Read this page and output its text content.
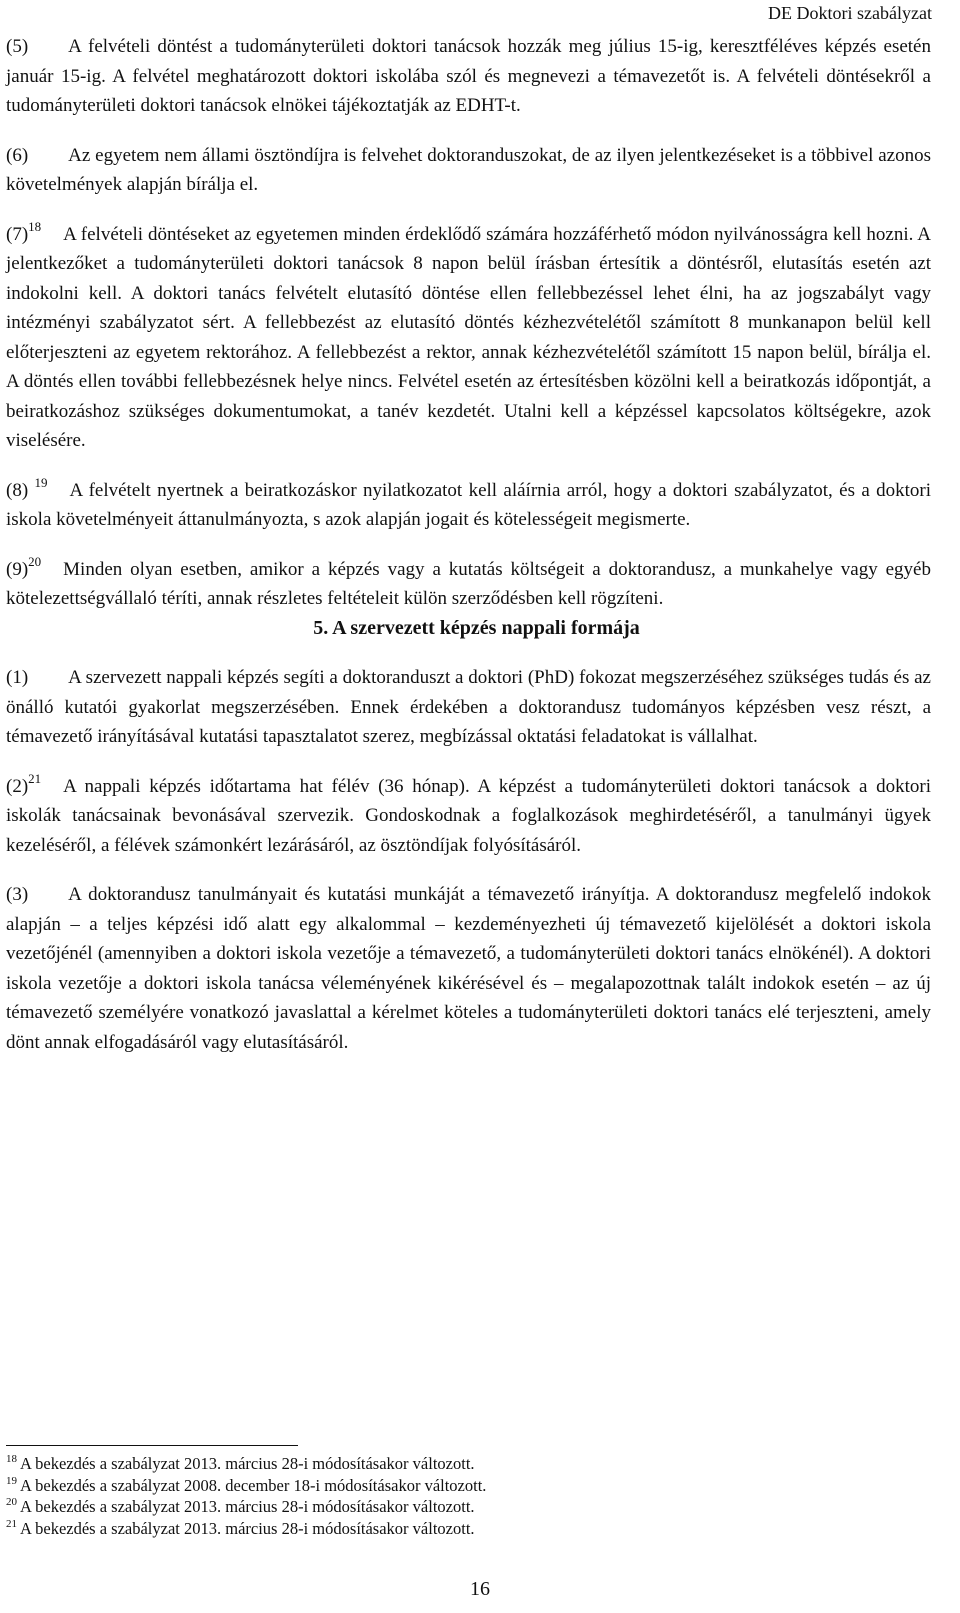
DE Doktori szabályzat

(5) A felvételi döntést a tudományterületi doktori tanácsok hozzák meg július 15-ig, keresztféléves képzés esetén január 15-ig. A felvétel meghatározott doktori iskolába szól és megnevezi a témavezetőt is. A felvételi döntésekről a tudományterületi doktori tanácsok elnökei tájékoztatják az EDHT-t.

(6) Az egyetem nem állami ösztöndíjra is felvehet doktoranduszokat, de az ilyen jelentkezéseket is a többivel azonos követelmények alapján bírálja el.

$(7)^{18}$ A felvételi döntéseket az egyetemen minden érdeklődő számára hozzáférhető módon nyilvánosságra kell hozni. A jelentkezőket a tudományterületi doktori tanácsok 8 napon belül írásban értesítik a döntésről, elutasítás esetén azt indokolni kell. A doktori tanács felvételt elutasító döntése ellen fellebbezéssel lehet élni, ha az jogszabályt vagy intézményi szabályzatot sért. A fellebbezést az elutasító döntés kézhezvételétől számított 8 munkanapon belül kell előterjeszteni az egyetem rektorához. A fellebbezést a rektor, annak kézhezvételétől számított 15 napon belül, bírálja el. A döntés ellen további fellebbezésnek helye nincs. Felvétel esetén az értesítésben közölni kell a beiratkozás időpontját, a beiratkozáshoz szükséges dokumentumokat, a tanév kezdetét. Utalni kell a képzéssel kapcsolatos költségekre, azok viselésére.

(8) $^{19}$ A felvételt nyertnek a beiratkozáskor nyilatkozatot kell aláírnia arról, hogy a doktori szabályzatot, és a doktori iskola követelményeit áttanulmányozta, s azok alapján jogait és kötelességeit megismerte.

$(9)^{20}$ Minden olyan esetben, amikor a képzés vagy a kutatás költségeit a doktorandusz, a munkahelye vagy egyéb kötelezettségvállaló téríti, annak részletes feltételeit külön szerződésben kell rögzíteni.

5. A szervezett képzés nappali formája

(1) A szervezett nappali képzés segíti a doktoranduszt a doktori (PhD) fokozat megszerzéséhez szükséges tudás és az önálló kutatói gyakorlat megszerzésében. Ennek érdekében a doktorandusz tudományos képzésben vesz részt, a témavezető irányításával kutatási tapasztalatot szerez, megbízással oktatási feladatokat is vállalhat.

$(2)^{21}$ A nappali képzés időtartama hat félév (36 hónap). A képzést a tudományterületi doktori tanácsok a doktori iskolák tanácsainak bevonásával szervezik. Gondoskodnak a foglalkozások meghirdetéséről, a tanulmányi ügyek kezeléséről, a félévek számonkért lezárásáról, az ösztöndíjak folyósításáról.

(3) A doktorandusz tanulmányait és kutatási munkáját a témavezető irányítja. A doktorandusz megfelelő indokok alapján – a teljes képzési idő alatt egy alkalommal – kezdeményezheti új témavezető kijelölését a doktori iskola vezetőjénél (amennyiben a doktori iskola vezetője a témavezető, a tudományterületi doktori tanács elnökénél). A doktori iskola vezetője a doktori iskola tanácsa véleményének kikérésével és – megalapozottnak talált indokok esetén – az új témavezető személyére vonatkozó javaslattal a kérelmet köteles a tudományterületi doktori tanács elé terjeszteni, amely dönt annak elfogadásáról vagy elutasításáról.

$^{18}$ A bekezdés a szabályzat 2013. március 28-i módosításakor változott.

$^{19}$ A bekezdés a szabályzat 2008. december 18-i módosításakor változott.

$^{20}$ A bekezdés a szabályzat 2013. március 28-i módosításakor változott.

$^{21}$ A bekezdés a szabályzat 2013. március 28-i módosításakor változott.

16
